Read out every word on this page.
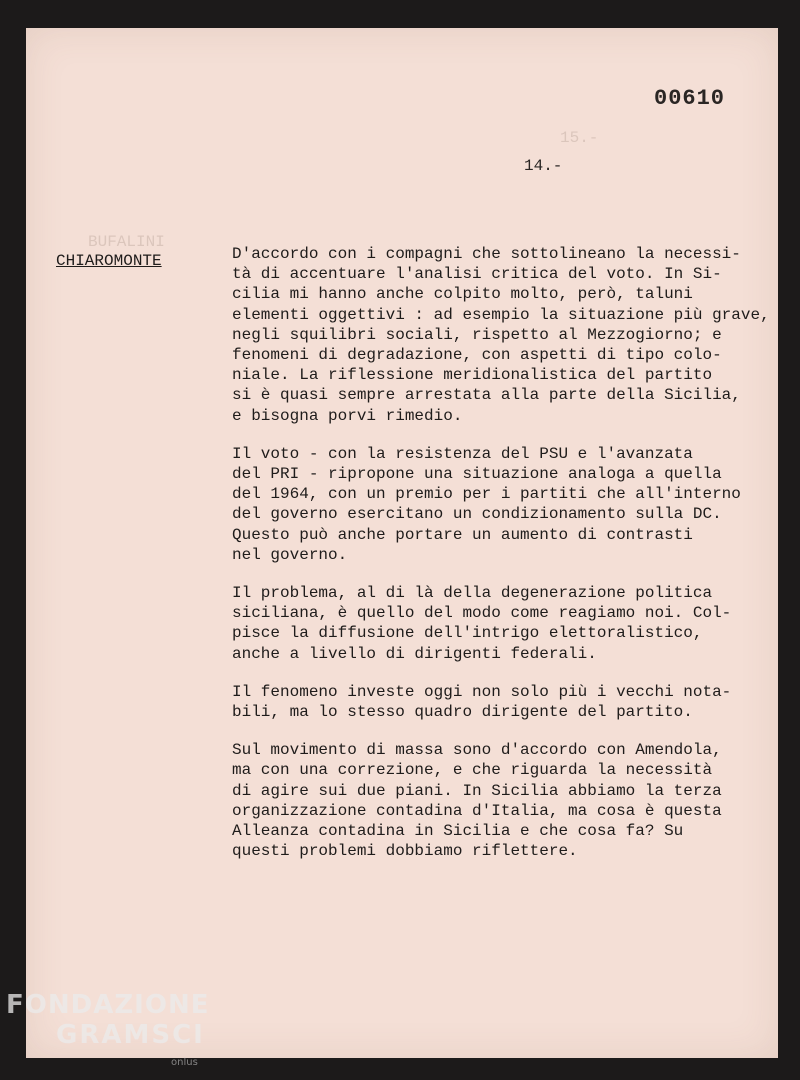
15.-
BUFALINI
00610
14.-
CHIAROMONTE	D'accordo con i compagni che sottolineano la necessi-
tà di accentuare l'analisi critica del voto. In Si-
cilia mi hanno anche colpito molto, però, taluni
elementi oggettivi : ad esempio la situazione più grave,
negli squilibri sociali, rispetto al Mezzogiorno; e
fenomeni di degradazione, con aspetti di tipo colo-
niale. La riflessione meridionalistica del partito
si è quasi sempre arrestata alla parte della Sicilia,
e bisogna porvi rimedio.
Il voto - con la resistenza del PSU e l'avanzata
del PRI - ripropone una situazione analoga a quella
del 1964, con un premio per i partiti che all'interno
del governo esercitano un condizionamento sulla DC.
Questo può anche portare un aumento di contrasti
nel governo.
Il problema, al di là della degenerazione politica
siciliana, è quello del modo come reagiamo noi. Col-
pisce la diffusione dell'intrigo elettoralistico,
anche a livello di dirigenti federali.
Il fenomeno investe oggi non solo più i vecchi nota-
bili, ma lo stesso quadro dirigente del partito.
Sul movimento di massa sono d'accordo con Amendola,
ma con una correzione, e che riguarda la necessità
di agire sui due piani. In Sicilia abbiamo la terza
organizzazione contadina d'Italia, ma cosa è questa
Alleanza contadina in Sicilia e che cosa fa? Su
questi problemi dobbiamo riflettere.
FONDAZIONE
GRAMSCI
onlus
